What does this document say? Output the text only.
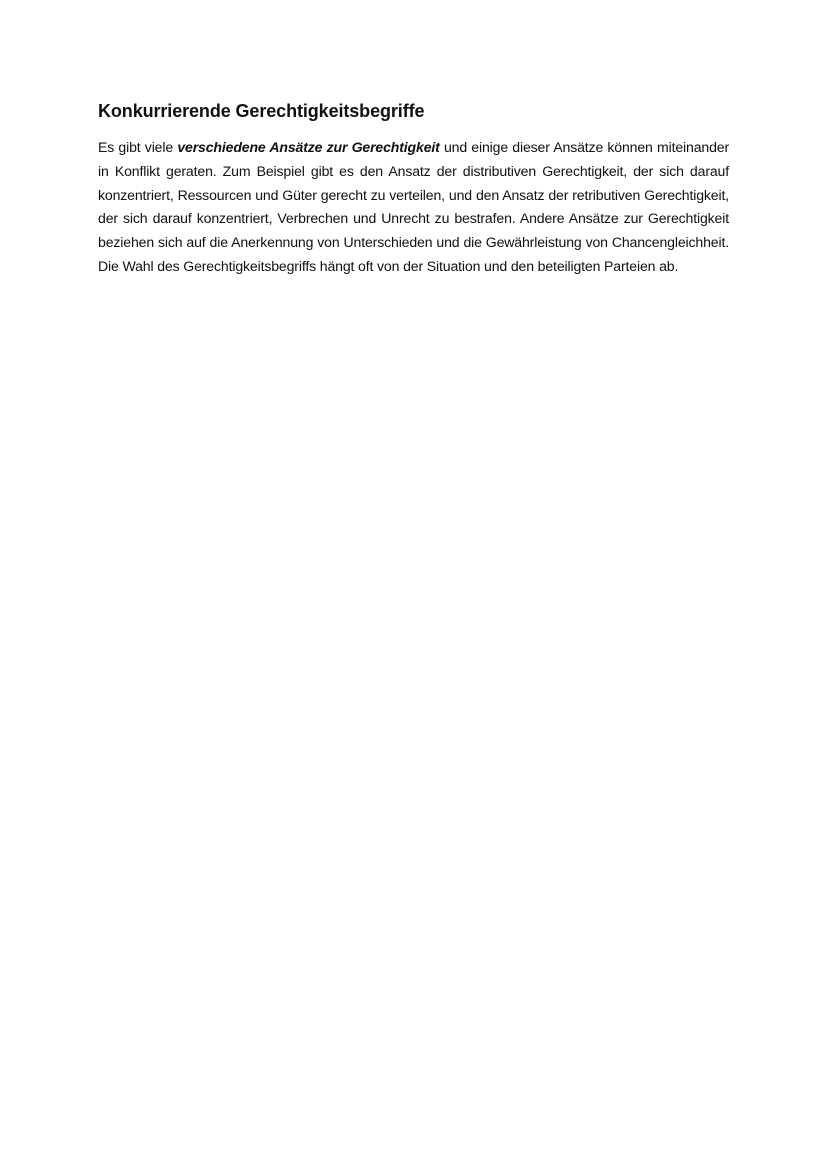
Konkurrierende Gerechtigkeitsbegriffe

Es gibt viele verschiedene Ansätze zur Gerechtigkeit und einige dieser Ansätze können miteinander in Konflikt geraten. Zum Beispiel gibt es den Ansatz der distributiven Gerechtigkeit, der sich darauf konzentriert, Ressourcen und Güter gerecht zu verteilen, und den Ansatz der retributiven Gerechtigkeit, der sich darauf konzentriert, Verbrechen und Unrecht zu bestrafen. Andere Ansätze zur Gerechtigkeit beziehen sich auf die Anerkennung von Unterschieden und die Gewährleistung von Chancengleichheit. Die Wahl des Gerechtigkeitsbegriffs hängt oft von der Situation und den beteiligten Parteien ab.
